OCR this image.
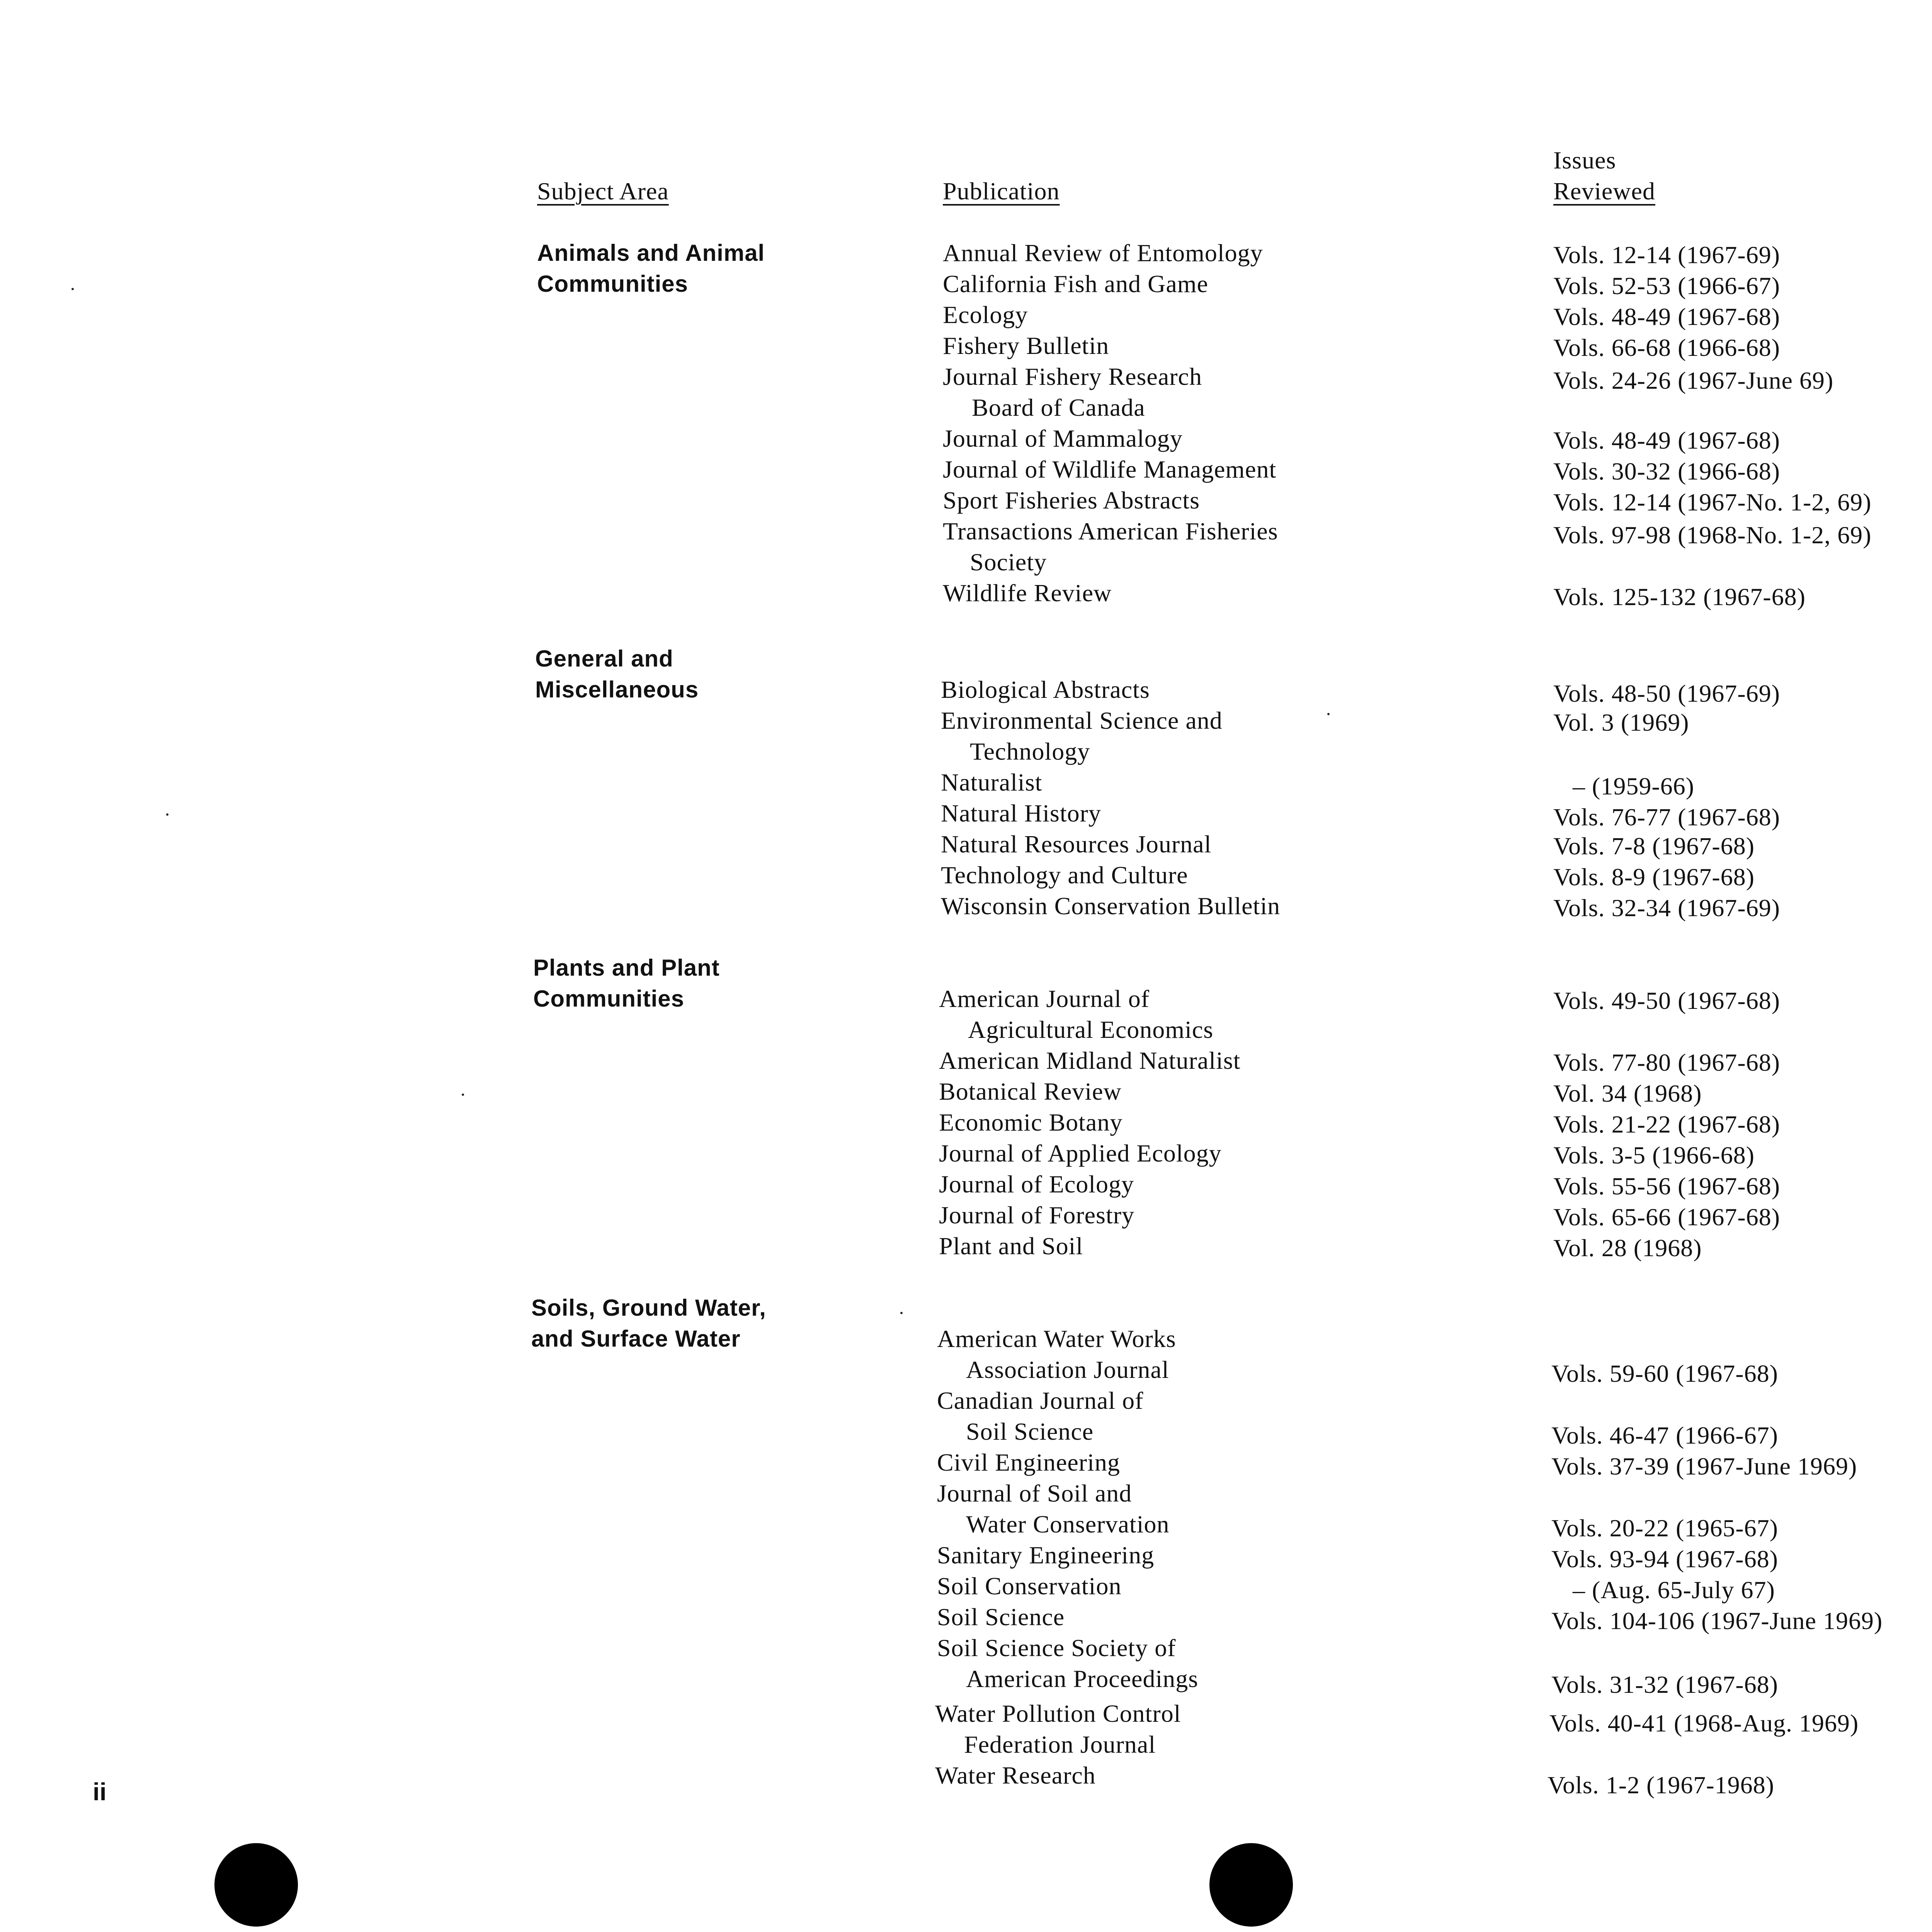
Subject Area	Publication
Issues
Reviewed
Animals and Animal
Communities
General and
Miscellaneous
Plants and Plant
Communities
Soils, Ground Water,
and Surface Water
Annual Review of Entomology
California Fish and Game
Ecology
Fishery Bulletin
Journal Fishery Research
Board of Canada
Journal of Mammalogy
Journal of Wildlife Management
Sport Fisheries Abstracts
Transactions American Fisheries
Society
Wildlife Review
Biological Abstracts
Environmental Science and
Technology
Naturalist
Natural History
Natural Resources Journal
Technology and Culture
Wisconsin Conservation Bulletin
American Journal of
Agricultural Economics
American Midland Naturalist
Botanical Review
Economic Botany
Journal of Applied Ecology
Journal of Ecology
Journal of Forestry
Plant and Soil
American Water Works
Association Journal
Canadian Journal of
Soil Science
Civil Engineering
Journal of Soil and
Water Conservation
Sanitary Engineering
Soil Conservation
Soil Science
Soil Science Society of
American Proceedings
Water Pollution Control
Federation Journal
Water Research
Vols. 12-14 (1967-69)
Vols. 52-53 (1966-67)
Vols. 48-49 (1967-68)
Vols. 66-68 (1966-68)
Vols. 24-26 (1967-June 69)
Vols. 48-49 (1967-68)
Vols. 30-32 (1966-68)
Vols. 12-14 (1967-No. 1-2, 69)
Vols. 97-98 (1968-No. 1-2, 69)
Vols. 125-132 (1967-68)
Vols. 48-50 (1967-69)
Vol. 3 (1969)
– (1959-66)
Vols. 76-77 (1967-68)
Vols. 7-8 (1967-68)
Vols. 8-9 (1967-68)
Vols. 32-34 (1967-69)
Vols. 49-50 (1967-68)
Vols. 77-80 (1967-68)
Vol. 34 (1968)
Vols. 21-22 (1967-68)
Vols. 3-5 (1966-68)
Vols. 55-56 (1967-68)
Vols. 65-66 (1967-68)
Vol. 28 (1968)
Vols. 59-60 (1967-68)
Vols. 46-47 (1966-67)
Vols. 37-39 (1967-June 1969)
Vols. 20-22 (1965-67)
Vols. 93-94 (1967-68)
– (Aug. 65-July 67)
Vols. 104-106 (1967-June 1969)
Vols. 31-32 (1967-68)
Vols. 40-41 (1968-Aug. 1969)
Vols. 1-2 (1967-1968)
ii
